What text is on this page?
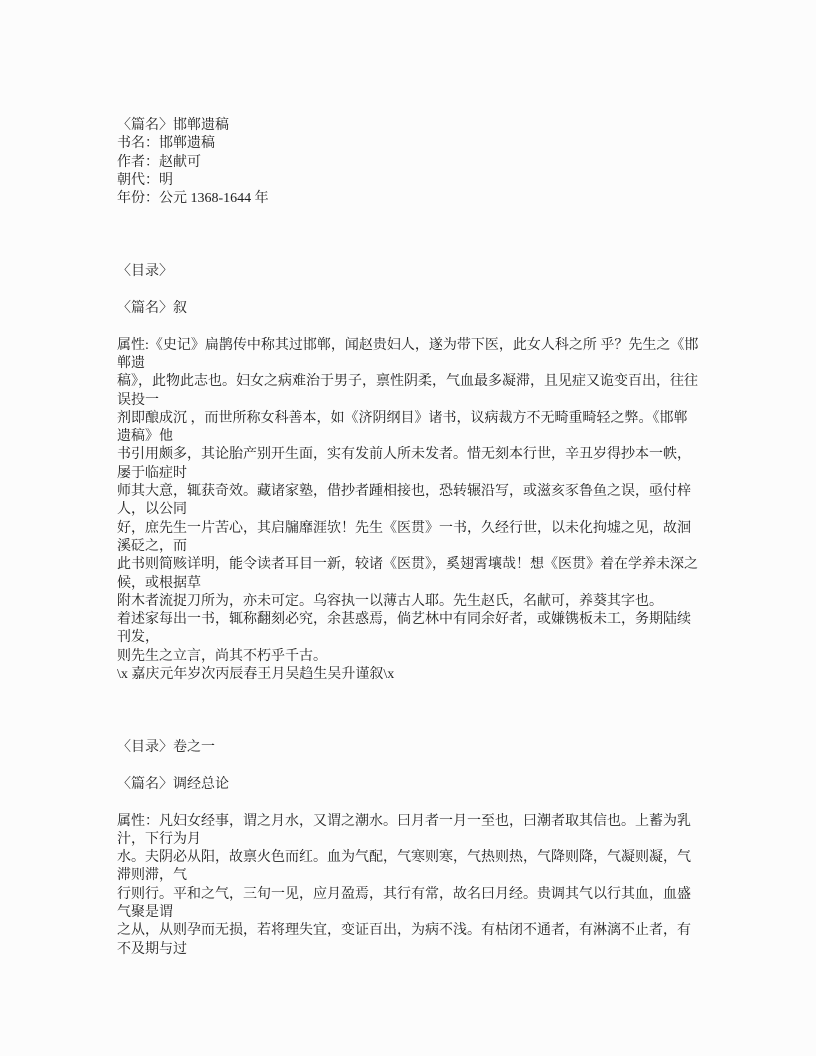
〈篇名〉邯郸遗稿
书名：邯郸遗稿
作者：赵献可
朝代：明
年份：公元 1368-1644 年
〈目录〉
〈篇名〉叙
属性:《史记》扁鹊传中称其过邯郸，闻赵贵妇人，遂为带下医，此女人科之所 乎？先生之《邯
郸遗
稿》，此物此志也。妇女之病难治于男子，禀性阴柔，气血最多凝滞，且见症又诡变百出，往往
误投一
剂即酿成沉 ，而世所称女科善本，如《济阴纲目》诸书，议病裁方不无畸重畸轻之弊。《邯郸
遗稿》他
书引用颇多，其论胎产别开生面，实有发前人所未发者。惜无刻本行世，辛丑岁得抄本一帙，
屡于临症时
师其大意，辄获奇效。藏诸家塾，借抄者踵相接也，恐转辗沿写，或滋亥豕鲁鱼之误，亟付梓
人，以公同
好，庶先生一片苦心，其启牖靡涯欤！先生《医贯》一书，久经行世，以未化拘墟之见，故洄
溪砭之，而
此书则简赅详明，能令读者耳目一新，较诸《医贯》，奚翅霄壤哉！想《医贯》着在学养未深之
候，或根据草
附木者流捉刀所为，亦未可定。乌容执一以薄古人耶。先生赵氏，名献可，养葵其字也。
着述家每出一书，辄称翻刻必究，余甚惑焉，倘艺林中有同余好者，或嫌镌板未工，务期陆续
刊发，
则先生之立言，尚其不朽乎千古。
\x 嘉庆元年岁次丙辰春王月吴趋生吴升谨叙\x
〈目录〉卷之一
〈篇名〉调经总论
属性：凡妇女经事，谓之月水，又谓之潮水。曰月者一月一至也，曰潮者取其信也。上蓄为乳
汁，下行为月
水。夫阴必从阳，故禀火色而红。血为气配，气寒则寒，气热则热，气降则降，气凝则凝，气
滞则滞，气
行则行。平和之气，三旬一见，应月盈焉，其行有常，故名曰月经。贵调其气以行其血，血盛
气聚是谓
之从，从则孕而无损，若将理失宜，变证百出，为病不浅。有枯闭不通者，有淋漓不止者，有
不及期与过
